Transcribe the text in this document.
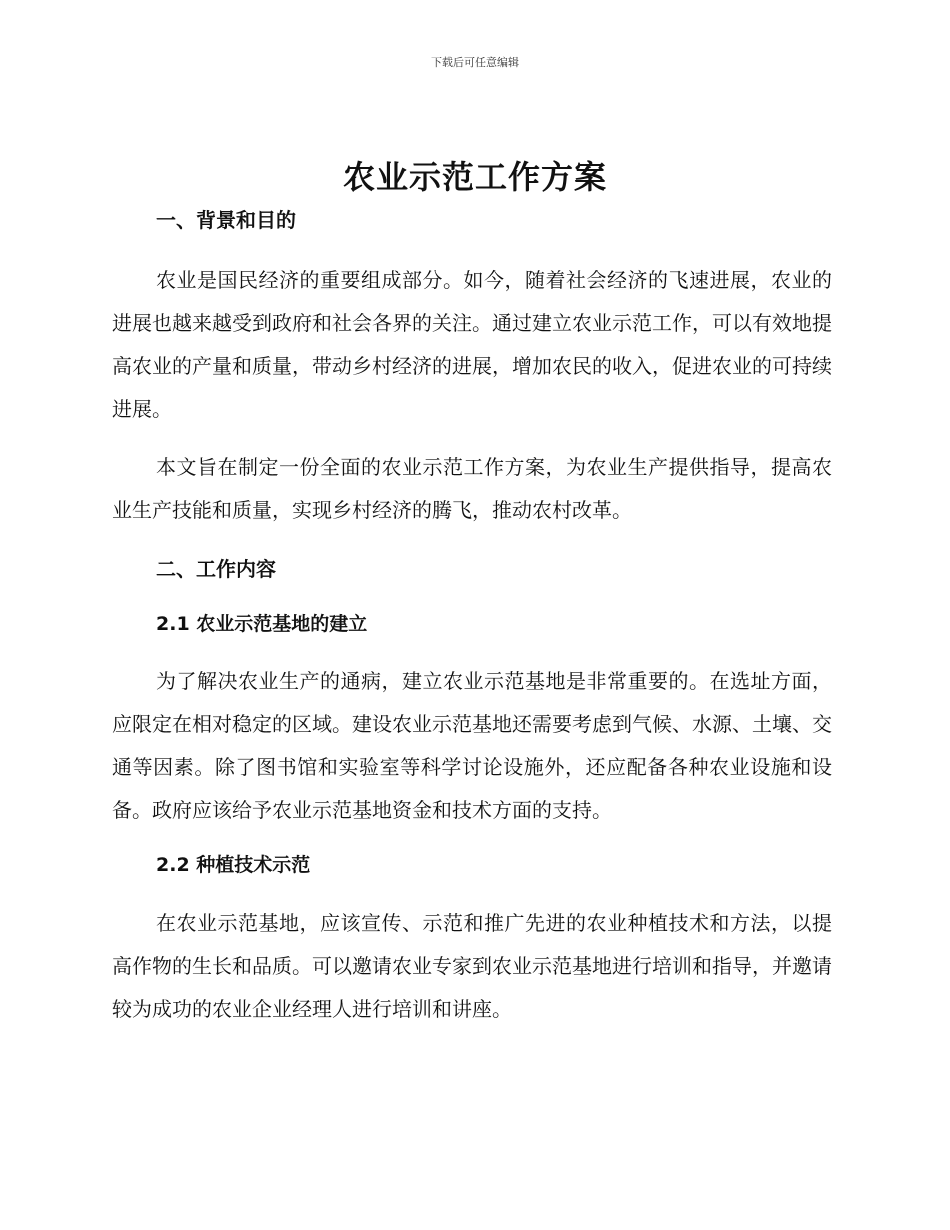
下载后可任意编辑
农业示范工作方案
一、背景和目的

农业是国民经济的重要组成部分。如今，随着社会经济的飞速进展，农业的进展也越来越受到政府和社会各界的关注。通过建立农业示范工作，可以有效地提高农业的产量和质量，带动乡村经济的进展，增加农民的收入，促进农业的可持续进展。

本文旨在制定一份全面的农业示范工作方案，为农业生产提供指导，提高农业生产技能和质量，实现乡村经济的腾飞，推动农村改革。

二、工作内容
2.1 农业示范基地的建立

为了解决农业生产的通病，建立农业示范基地是非常重要的。在选址方面，应限定在相对稳定的区域。建设农业示范基地还需要考虑到气候、水源、土壤、交通等因素。除了图书馆和实验室等科学讨论设施外，还应配备各种农业设施和设备。政府应该给予农业示范基地资金和技术方面的支持。

2.2 种植技术示范

在农业示范基地，应该宣传、示范和推广先进的农业种植技术和方法，以提高作物的生长和品质。可以邀请农业专家到农业示范基地进行培训和指导，并邀请较为成功的农业企业经理人进行培训和讲座。
